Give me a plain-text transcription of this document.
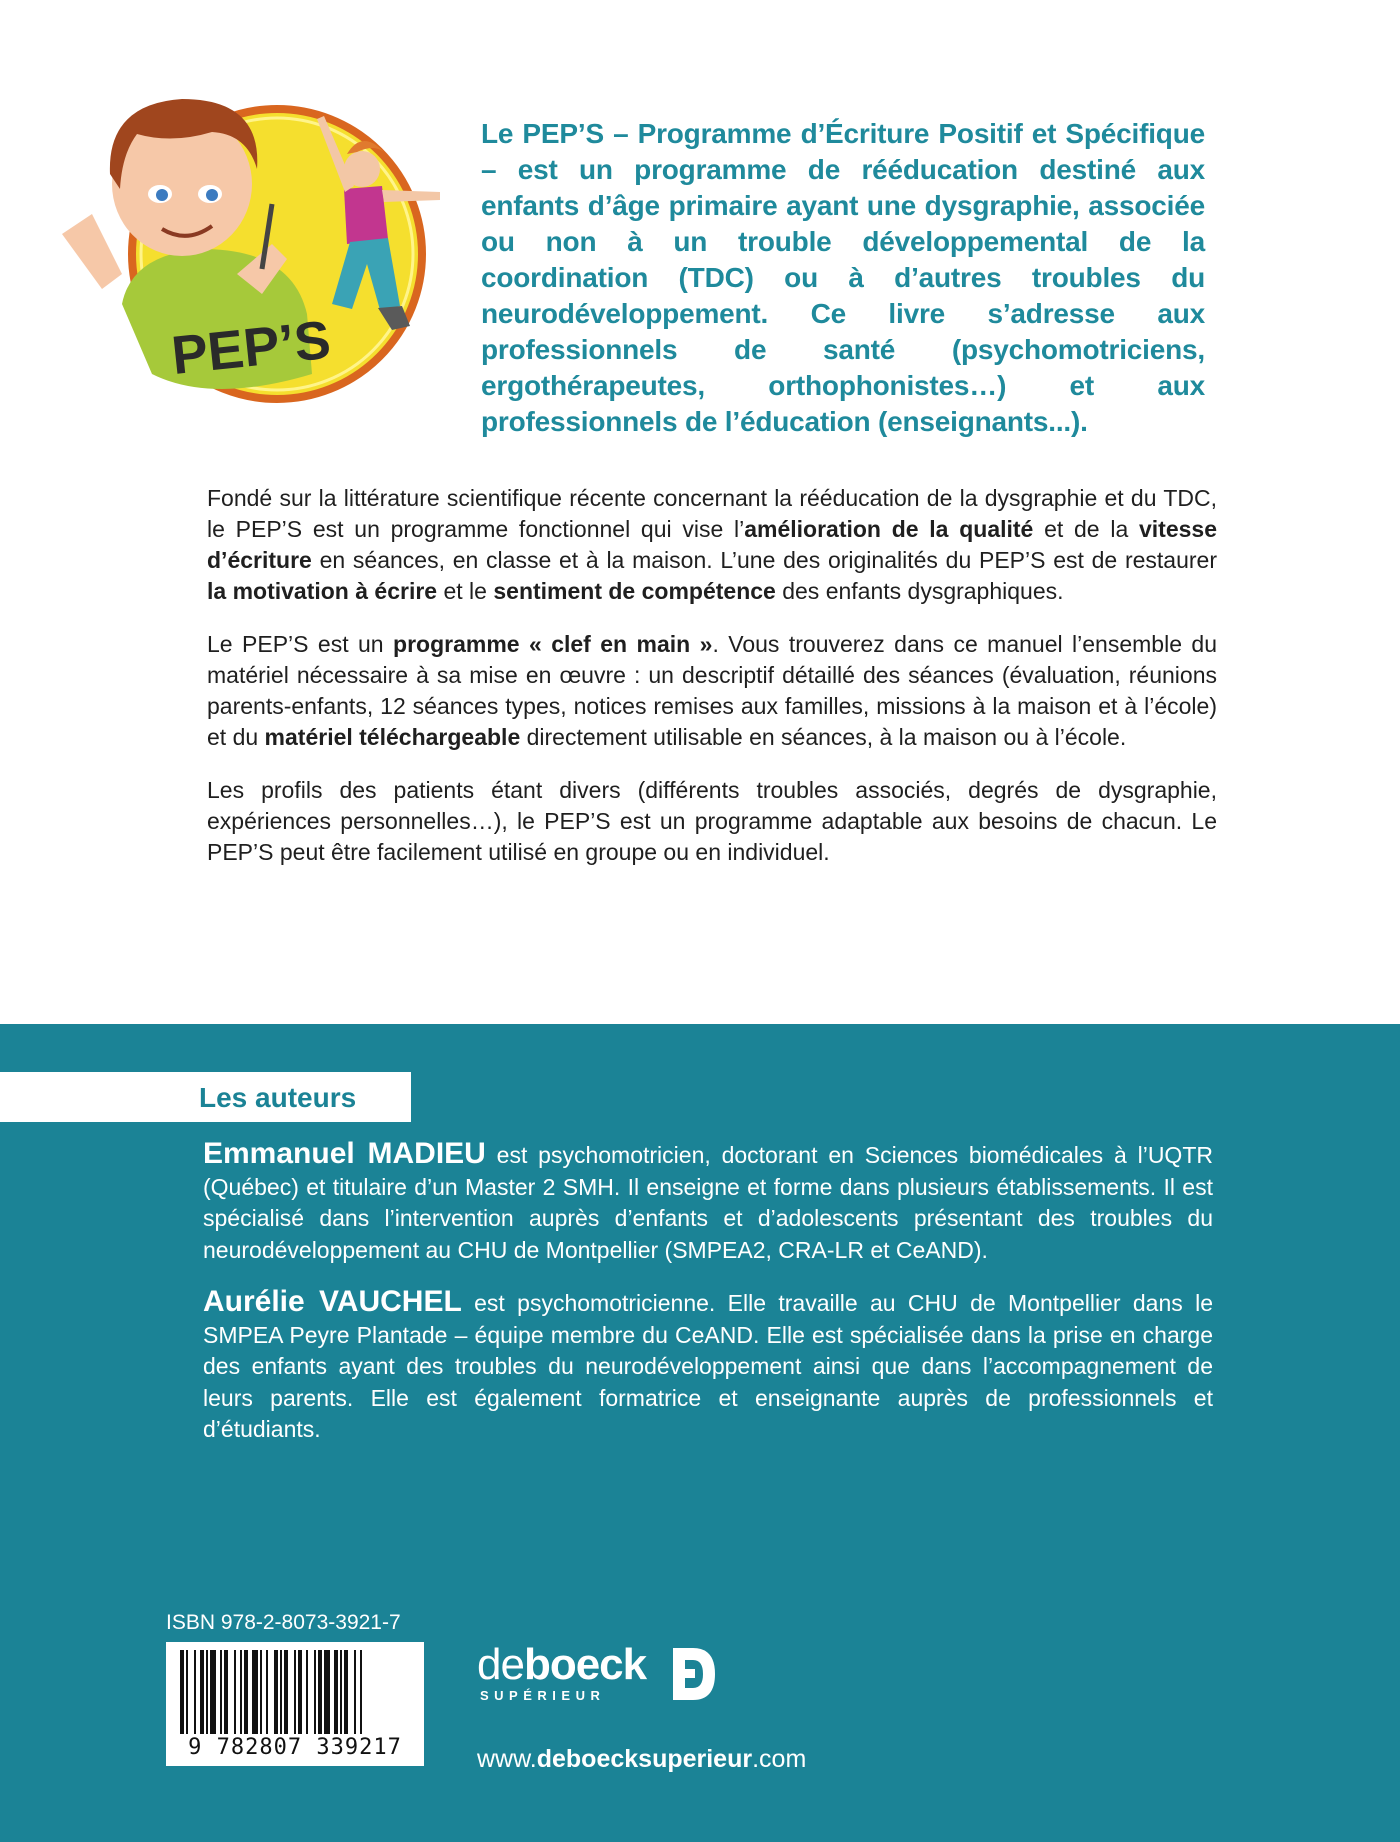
PEP’S
Le PEP’S – Programme d’Écriture Positif et Spécifique – est un programme de rééducation destiné aux enfants d’âge primaire ayant une dysgraphie, associée ou non à un trouble développemental de la coordination (TDC) ou à d’autres troubles du neurodéveloppement. Ce livre s’adresse aux professionnels de santé (psychomotriciens, ergothérapeutes, orthophonistes…) et aux professionnels de l’éducation (enseignants...).

Fondé sur la littérature scientifique récente concernant la rééducation de la dysgraphie et du TDC, le PEP’S est un programme fonctionnel qui vise l’amélioration de la qualité et de la vitesse d’écriture en séances, en classe et à la maison. L’une des originalités du PEP’S est de restaurer la motivation à écrire et le sentiment de compétence des enfants dysgraphiques.

Le PEP’S est un programme « clef en main ». Vous trouverez dans ce manuel l’ensemble du matériel nécessaire à sa mise en œuvre : un descriptif détaillé des séances (évaluation, réunions parents-enfants, 12 séances types, notices remises aux familles, missions à la maison et à l’école) et du matériel téléchargeable directement utilisable en séances, à la maison ou à l’école.

Les profils des patients étant divers (différents troubles associés, degrés de dysgraphie, expériences personnelles…), le PEP’S est un programme adaptable aux besoins de chacun. Le PEP’S peut être facilement utilisé en groupe ou en individuel.

Les auteurs

Emmanuel MADIEU est psychomotricien, doctorant en Sciences biomédicales à l’UQTR (Québec) et titulaire d’un Master 2 SMH. Il enseigne et forme dans plusieurs établissements. Il est spécialisé dans l’intervention auprès d’enfants et d’adolescents présentant des troubles du neurodéveloppement au CHU de Montpellier (SMPEA2, CRA-LR et CeAND).

Aurélie VAUCHEL est psychomotricienne. Elle travaille au CHU de Montpellier dans le SMPEA Peyre Plantade – équipe membre du CeAND. Elle est spécialisée dans la prise en charge des enfants ayant des troubles du neurodéveloppement ainsi que dans l’accompagnement de leurs parents. Elle est également formatrice et enseignante auprès de professionnels et d’étudiants.

ISBN 978-2-8073-3921-7
9 782807 339217
deboeck
SUPÉRIEUR
www.deboecksuperieur.com
